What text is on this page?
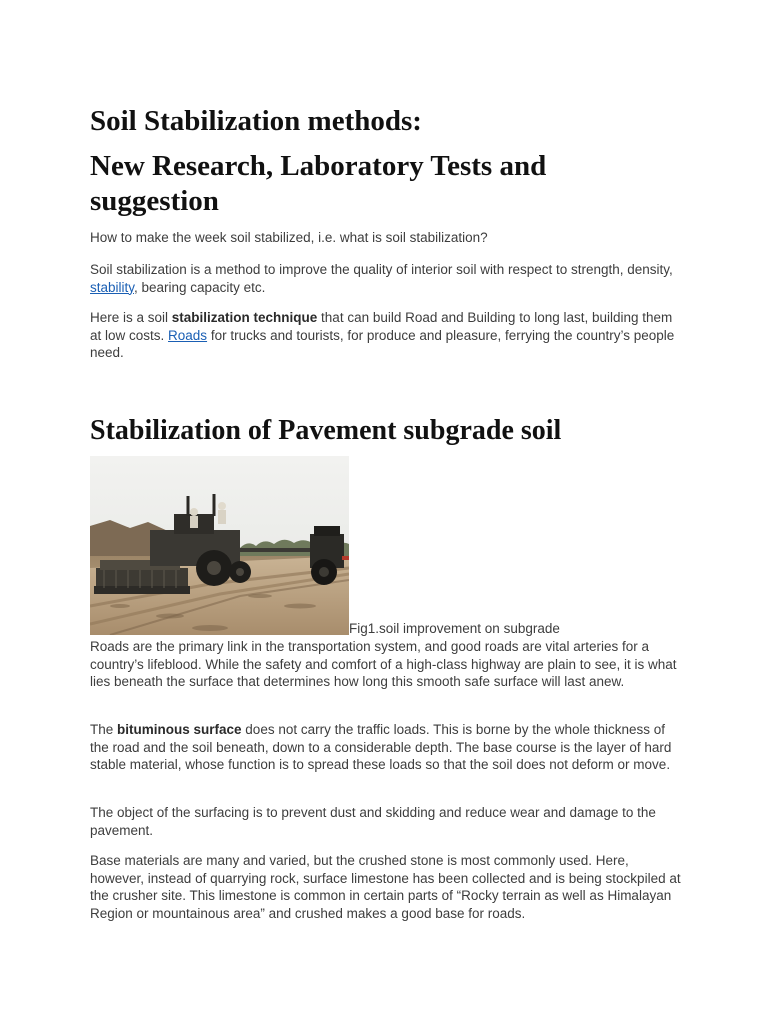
Soil Stabilization methods:
New Research, Laboratory Tests and suggestion

How to make the week soil stabilized, i.e. what is soil stabilization?

Soil stabilization is a method to improve the quality of interior soil with respect to strength, density, stability, bearing capacity etc.

Here is a soil stabilization technique that can build Road and Building to long last, building them at low costs. Roads for trucks and tourists, for produce and pleasure, ferrying the country’s people need.

Stabilization of Pavement subgrade soil
Fig1.soil improvement on subgrade

Roads are the primary link in the transportation system, and good roads are vital arteries for a country’s lifeblood. While the safety and comfort of a high-class highway are plain to see, it is what lies beneath the surface that determines how long this smooth safe surface will last anew.

The bituminous surface does not carry the traffic loads. This is borne by the whole thickness of the road and the soil beneath, down to a considerable depth. The base course is the layer of hard stable material, whose function is to spread these loads so that the soil does not deform or move.

The object of the surfacing is to prevent dust and skidding and reduce wear and damage to the pavement.

Base materials are many and varied, but the crushed stone is most commonly used. Here, however, instead of quarrying rock, surface limestone has been collected and is being stockpiled at the crusher site. This limestone is common in certain parts of “Rocky terrain as well as Himalayan Region or mountainous area” and crushed makes a good base for roads.
